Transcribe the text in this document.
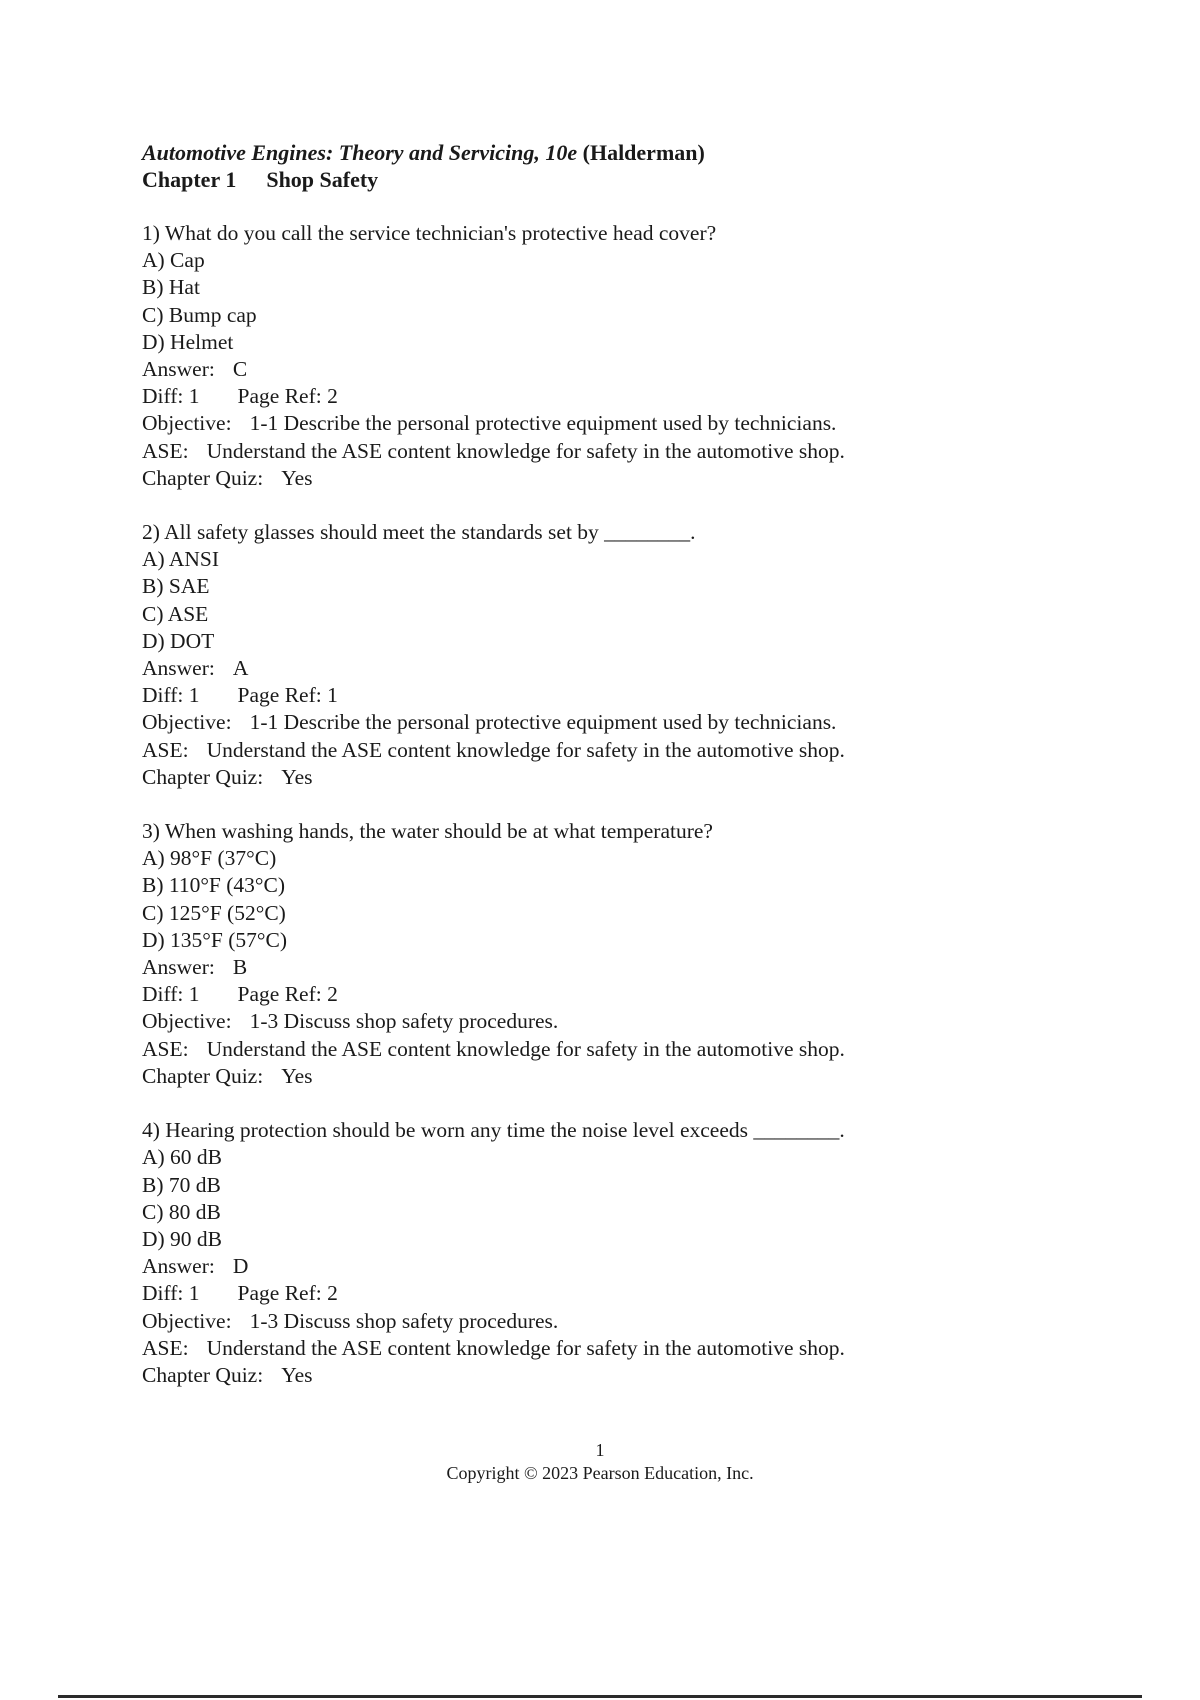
Automotive Engines: Theory and Servicing, 10e (Halderman)
Chapter 1 Shop Safety
1) What do you call the service technician's protective head cover?
A) Cap
B) Hat
C) Bump cap
D) Helmet
Answer: C
Diff: 1 Page Ref: 2
Objective: 1-1 Describe the personal protective equipment used by technicians.
ASE: Understand the ASE content knowledge for safety in the automotive shop.
Chapter Quiz: Yes
2) All safety glasses should meet the standards set by ________.
A) ANSI
B) SAE
C) ASE
D) DOT
Answer: A
Diff: 1 Page Ref: 1
Objective: 1-1 Describe the personal protective equipment used by technicians.
ASE: Understand the ASE content knowledge for safety in the automotive shop.
Chapter Quiz: Yes
3) When washing hands, the water should be at what temperature?
A) 98°F (37°C)
B) 110°F (43°C)
C) 125°F (52°C)
D) 135°F (57°C)
Answer: B
Diff: 1 Page Ref: 2
Objective: 1-3 Discuss shop safety procedures.
ASE: Understand the ASE content knowledge for safety in the automotive shop.
Chapter Quiz: Yes
4) Hearing protection should be worn any time the noise level exceeds ________.
A) 60 dB
B) 70 dB
C) 80 dB
D) 90 dB
Answer: D
Diff: 1 Page Ref: 2
Objective: 1-3 Discuss shop safety procedures.
ASE: Understand the ASE content knowledge for safety in the automotive shop.
Chapter Quiz: Yes
1
Copyright © 2023 Pearson Education, Inc.
